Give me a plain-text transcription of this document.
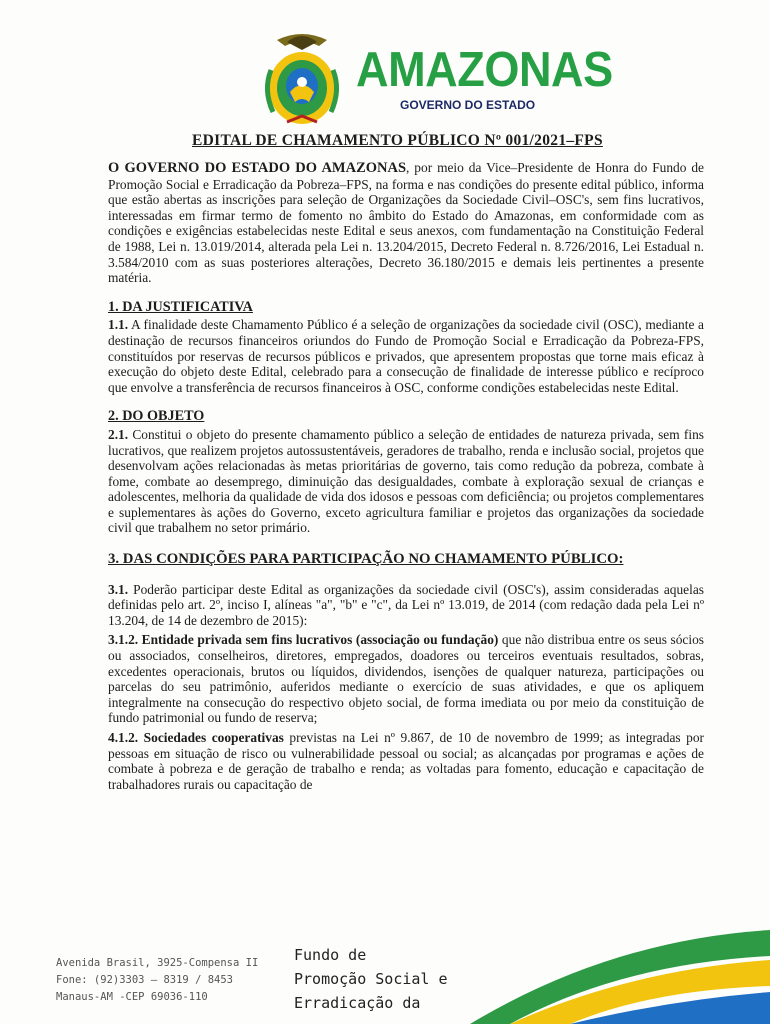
AMAZONAS
GOVERNO DO ESTADO
EDITAL DE CHAMAMENTO PÚBLICO Nº 001/2021–FPS

O GOVERNO DO ESTADO DO AMAZONAS, por meio da Vice–Presidente de Honra do Fundo de Promoção Social e Erradicação da Pobreza–FPS, na forma e nas condições do presente edital público, informa que estão abertas as inscrições para seleção de Organizações da Sociedade Civil–OSC's, sem fins lucrativos, interessadas em firmar termo de fomento no âmbito do Estado do Amazonas, em conformidade com as condições e exigências estabelecidas neste Edital e seus anexos, com fundamentação na Constituição Federal de 1988, Lei n. 13.019/2014, alterada pela Lei n. 13.204/2015, Decreto Federal n. 8.726/2016, Lei Estadual n. 3.584/2010 com as suas posteriores alterações, Decreto 36.180/2015 e demais leis pertinentes a presente matéria.

1. DA JUSTIFICATIVA

1.1. A finalidade deste Chamamento Público é a seleção de organizações da sociedade civil (OSC), mediante a destinação de recursos financeiros oriundos do Fundo de Promoção Social e Erradicação da Pobreza-FPS, constituídos por reservas de recursos públicos e privados, que apresentem propostas que torne mais eficaz à execução do objeto deste Edital, celebrado para a consecução de finalidade de interesse público e recíproco que envolve a transferência de recursos financeiros à OSC, conforme condições estabelecidas neste Edital.

2. DO OBJETO

2.1. Constitui o objeto do presente chamamento público a seleção de entidades de natureza privada, sem fins lucrativos, que realizem projetos autossustentáveis, geradores de trabalho, renda e inclusão social, projetos que desenvolvam ações relacionadas às metas prioritárias de governo, tais como redução da pobreza, combate à fome, combate ao desemprego, diminuição das desigualdades, combate à exploração sexual de crianças e adolescentes, melhoria da qualidade de vida dos idosos e pessoas com deficiência; ou projetos complementares e suplementares às ações do Governo, exceto agricultura familiar e projetos das organizações da sociedade civil que trabalhem no setor primário.

3. DAS CONDIÇÕES PARA PARTICIPAÇÃO NO CHAMAMENTO PÚBLICO:

3.1. Poderão participar deste Edital as organizações da sociedade civil (OSC's), assim consideradas aquelas definidas pelo art. 2º, inciso I, alíneas "a", "b" e "c", da Lei nº 13.019, de 2014 (com redação dada pela Lei nº 13.204, de 14 de dezembro de 2015):

3.1.2. Entidade privada sem fins lucrativos (associação ou fundação) que não distribua entre os seus sócios ou associados, conselheiros, diretores, empregados, doadores ou terceiros eventuais resultados, sobras, excedentes operacionais, brutos ou líquidos, dividendos, isenções de qualquer natureza, participações ou parcelas do seu patrimônio, auferidos mediante o exercício de suas atividades, e que os apliquem integralmente na consecução do respectivo objeto social, de forma imediata ou por meio da constituição de fundo patrimonial ou fundo de reserva;

4.1.2. Sociedades cooperativas previstas na Lei nº 9.867, de 10 de novembro de 1999; as integradas por pessoas em situação de risco ou vulnerabilidade pessoal ou social; as alcançadas por programas e ações de combate à pobreza e de geração de trabalho e renda; as voltadas para fomento, educação e capacitação de trabalhadores rurais ou capacitação de

Avenida Brasil, 3925-Compensa II
Fone: (92)3303 – 8319 / 8453
Manaus-AM -CEP 69036-110
Fundo de
Promoção Social e
Erradicação da
